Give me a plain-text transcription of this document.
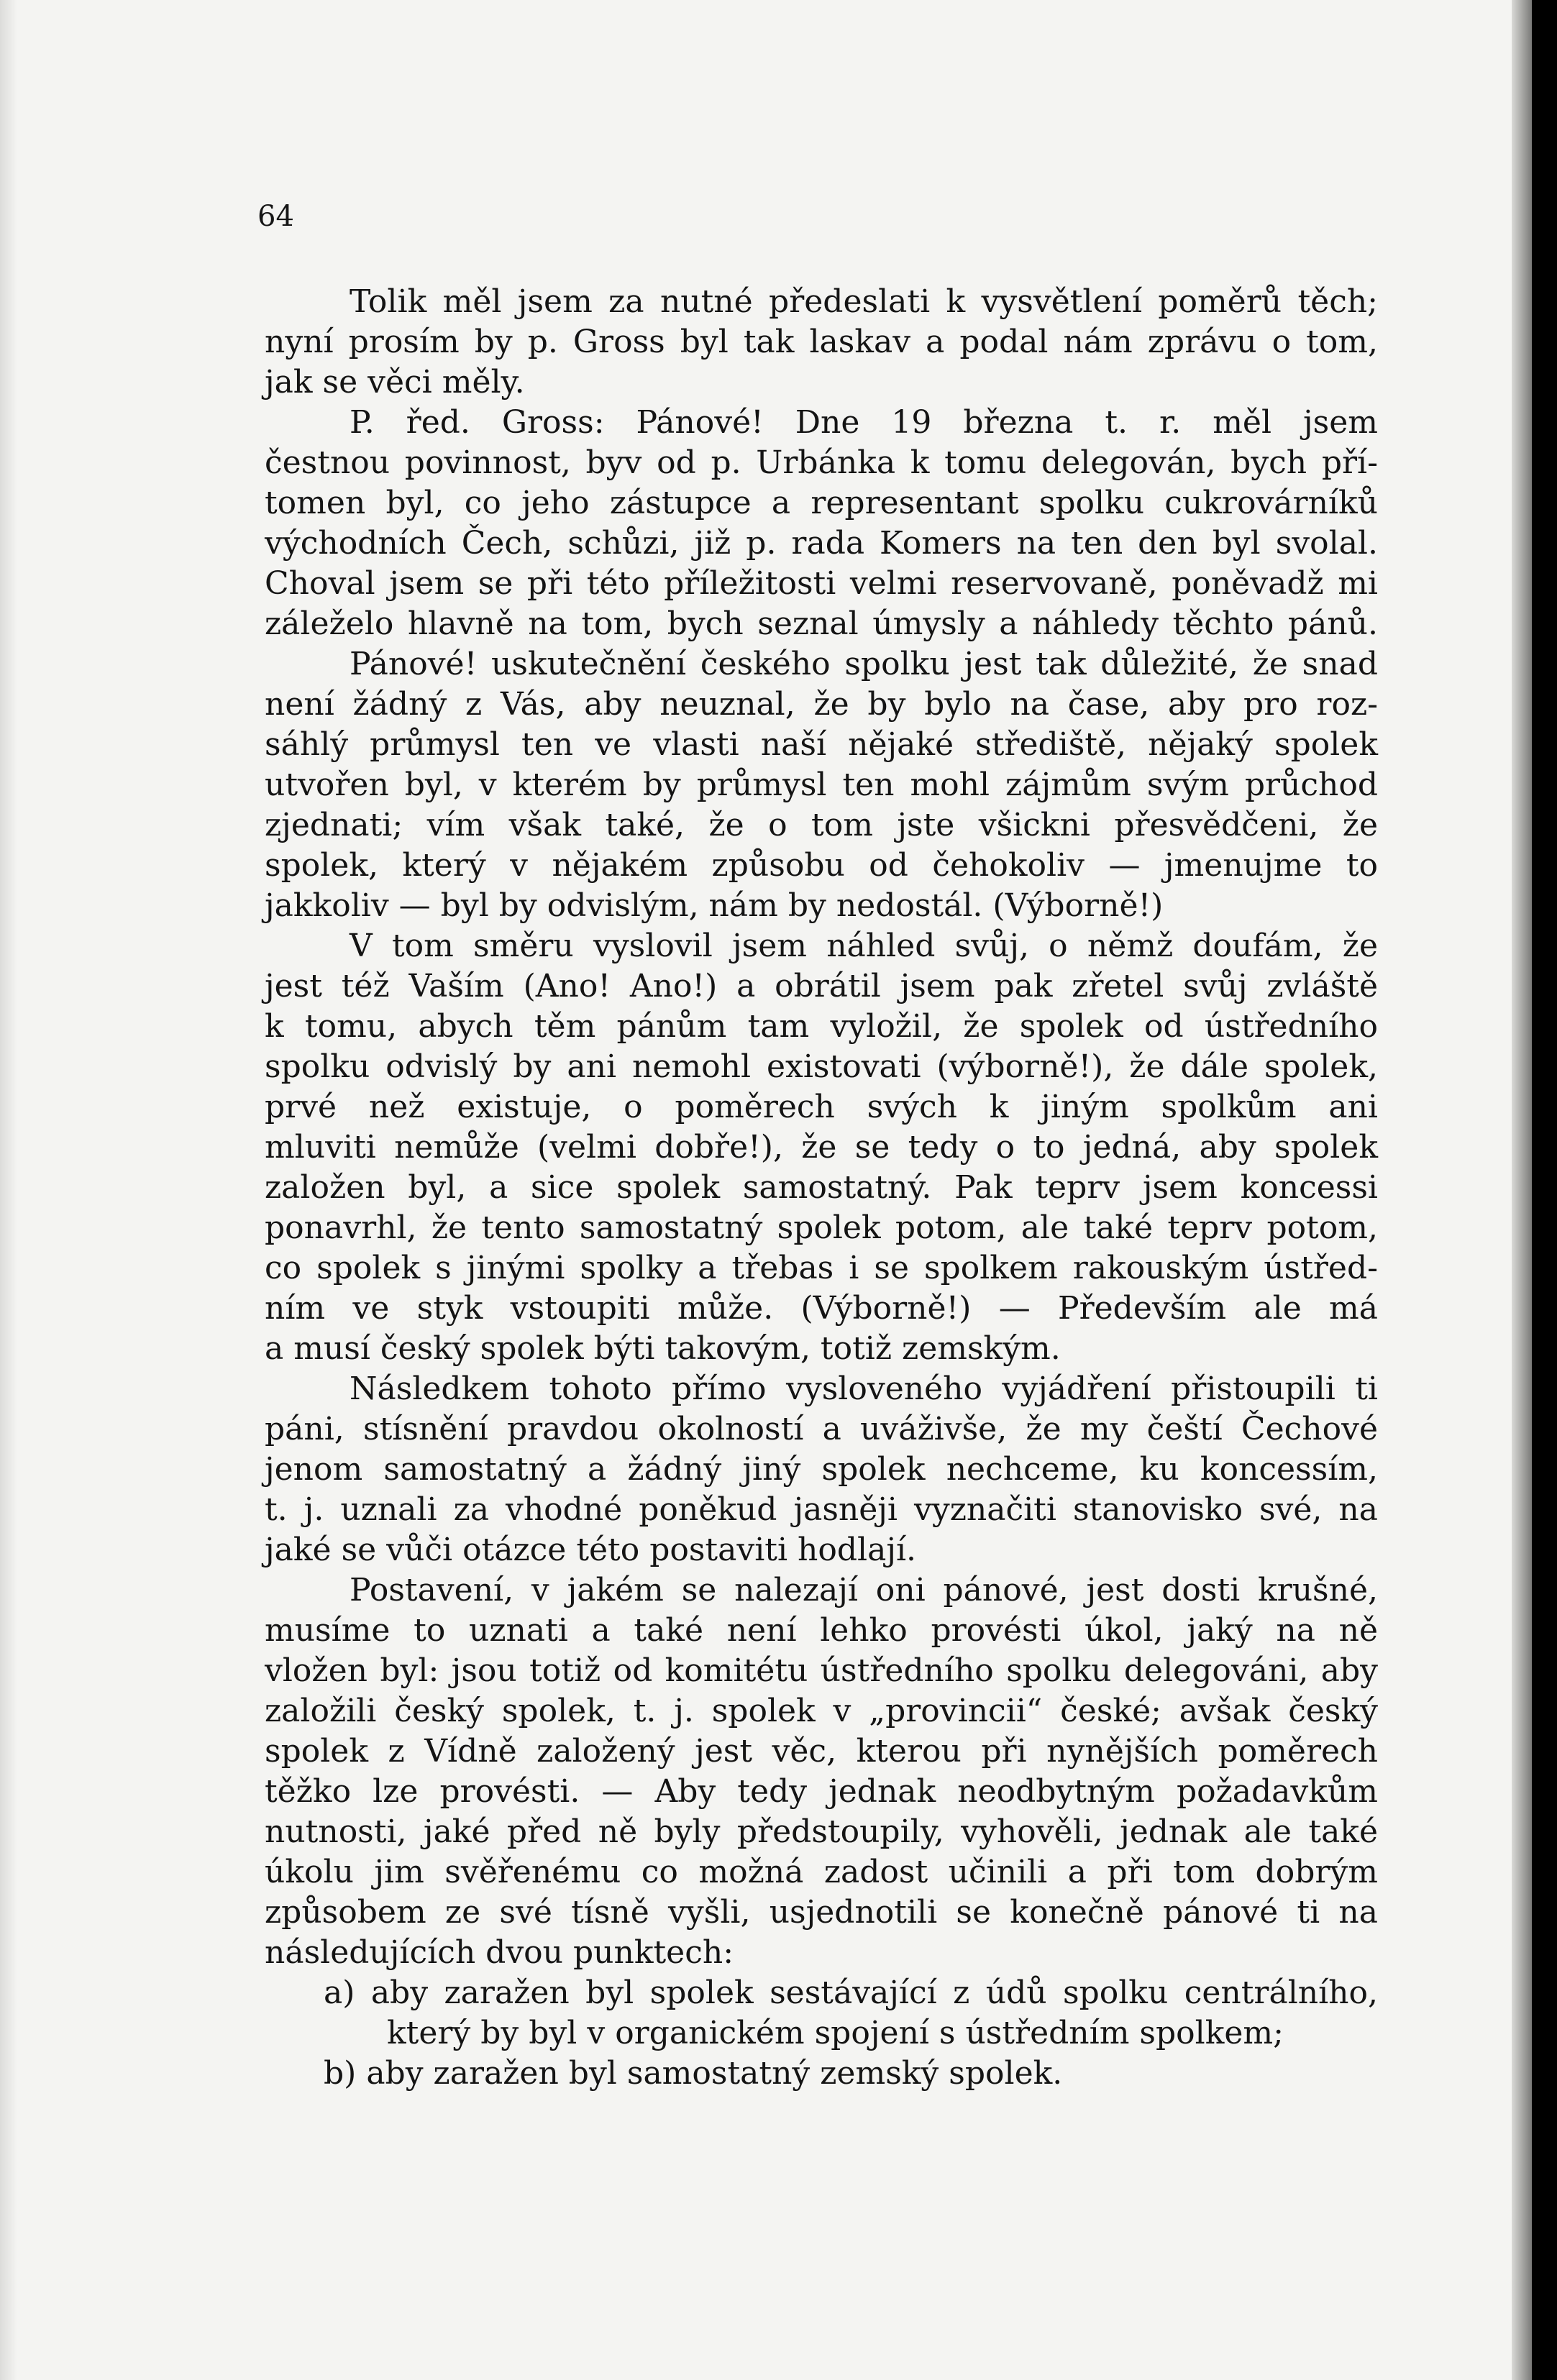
64
Tolik měl jsem za nutné předeslati k vysvětlení poměrů těch;
nyní prosím by p. Gross byl tak laskav a podal nám zprávu o tom,
jak se věci měly.
P. řed. Gross: Pánové! Dne 19 března t. r. měl jsem
čestnou povinnost, byv od p. Urbánka k tomu delegován, bych pří-
tomen byl, co jeho zástupce a representant spolku cukrovárníků
východních Čech, schůzi, již p. rada Komers na ten den byl svolal.
Choval jsem se při této příležitosti velmi reservovaně, poněvadž mi
záleželo hlavně na tom, bych seznal úmysly a náhledy těchto pánů.
Pánové! uskutečnění českého spolku jest tak důležité, že snad
není žádný z Vás, aby neuznal, že by bylo na čase, aby pro roz-
sáhlý průmysl ten ve vlasti naší nějaké střediště, nějaký spolek
utvořen byl, v kterém by průmysl ten mohl zájmům svým průchod
zjednati; vím však také, že o tom jste všickni přesvědčeni, že
spolek, který v nějakém způsobu od čehokoliv — jmenujme to
jakkoliv — byl by odvislým, nám by nedostál. (Výborně!)
V tom směru vyslovil jsem náhled svůj, o němž doufám, že
jest též Vaším (Ano! Ano!) a obrátil jsem pak zřetel svůj zvláště
k tomu, abych těm pánům tam vyložil, že spolek od ústředního
spolku odvislý by ani nemohl existovati (výborně!), že dále spolek,
prvé než existuje, o poměrech svých k jiným spolkům ani
mluviti nemůže (velmi dobře!), že se tedy o to jedná, aby spolek
založen byl, a sice spolek samostatný. Pak teprv jsem koncessi
ponavrhl, že tento samostatný spolek potom, ale také teprv potom,
co spolek s jinými spolky a třebas i se spolkem rakouským ústřed-
ním ve styk vstoupiti může. (Výborně!) — Především ale má
a musí český spolek býti takovým, totiž zemským.
Následkem tohoto přímo vysloveného vyjádření přistoupili ti
páni, stísnění pravdou okolností a uváživše, že my čeští Čechové
jenom samostatný a žádný jiný spolek nechceme, ku koncessím,
t. j. uznali za vhodné poněkud jasněji vyznačiti stanovisko své, na
jaké se vůči otázce této postaviti hodlají.
Postavení, v jakém se nalezají oni pánové, jest dosti krušné,
musíme to uznati a také není lehko provésti úkol, jaký na ně
vložen byl: jsou totiž od komitétu ústředního spolku delegováni, aby
založili český spolek, t. j. spolek v „provincii“ české; avšak český
spolek z Vídně založený jest věc, kterou při nynějších poměrech
těžko lze provésti. — Aby tedy jednak neodbytným požadavkům
nutnosti, jaké před ně byly předstoupily, vyhověli, jednak ale také
úkolu jim svěřenému co možná zadost učinili a při tom dobrým
způsobem ze své tísně vyšli, usjednotili se konečně pánové ti na
následujících dvou punktech:
a) aby zaražen byl spolek sestávající z údů spolku centrálního,
který by byl v organickém spojení s ústředním spolkem;
b) aby zaražen byl samostatný zemský spolek.
